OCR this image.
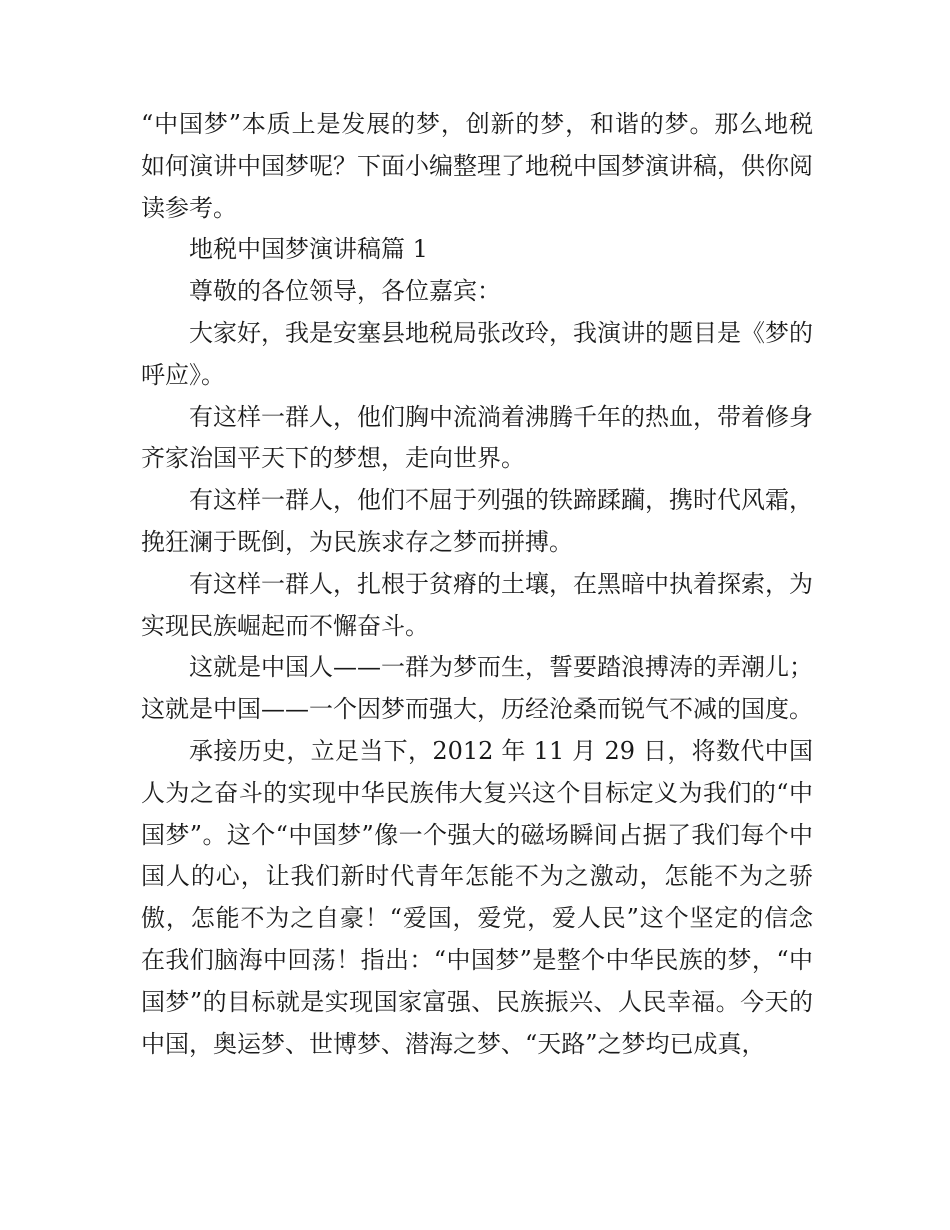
“中国梦”本质上是发展的梦，创新的梦，和谐的梦。那么地税如何演讲中国梦呢？下面小编整理了地税中国梦演讲稿，供你阅读参考。

地税中国梦演讲稿篇 1

尊敬的各位领导，各位嘉宾：

大家好，我是安塞县地税局张改玲，我演讲的题目是《梦的呼应》。

有这样一群人，他们胸中流淌着沸腾千年的热血，带着修身齐家治国平天下的梦想，走向世界。

有这样一群人，他们不屈于列强的铁蹄蹂躏，携时代风霜，挽狂澜于既倒，为民族求存之梦而拼搏。

有这样一群人，扎根于贫瘠的土壤，在黑暗中执着探索，为实现民族崛起而不懈奋斗。

这就是中国人——一群为梦而生，誓要踏浪搏涛的弄潮儿；这就是中国——一个因梦而强大，历经沧桑而锐气不减的国度。

承接历史，立足当下，2012 年 11 月 29 日，将数代中国人为之奋斗的实现中华民族伟大复兴这个目标定义为我们的“中国梦”。这个“中国梦”像一个强大的磁场瞬间占据了我们每个中国人的心，让我们新时代青年怎能不为之激动，怎能不为之骄傲，怎能不为之自豪！“爱国，爱党，爱人民”这个坚定的信念在我们脑海中回荡！指出：“中国梦”是整个中华民族的梦，“中国梦”的目标就是实现国家富强、民族振兴、人民幸福。今天的中国，奥运梦、世博梦、潜海之梦、“天路”之梦均已成真，
